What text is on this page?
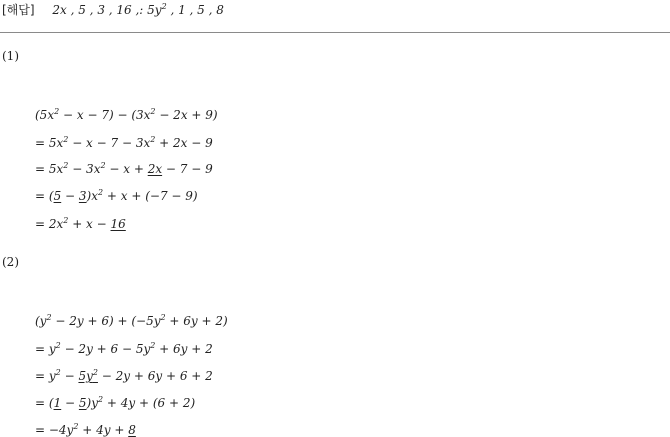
[해답] 2x , 5 , 3 , 16 ,: $5y^2$ , 1 , 5 , 8
(1)
$(5x^2 - x - 7) - (3x^2 - 2x + 9)$
= $5x^2 - x - 7 - 3x^2 + 2x - 9$
= $5x^2 - 3x^2 - x + 2x - 7 - 9$
= $(5 - 3)x^2 + x + (-7 - 9)$
= $2x^2 + x - 16$
(2)
$(y^2 - 2y + 6) + (-5y^2 + 6y + 2)$
= $y^2 - 2y + 6 - 5y^2 + 6y + 2$
= $y^2 - 5y^2 - 2y + 6y + 6 + 2$
= $(1 - 5)y^2 + 4y + (6 + 2)$
= $-4y^2 + 4y + 8$
